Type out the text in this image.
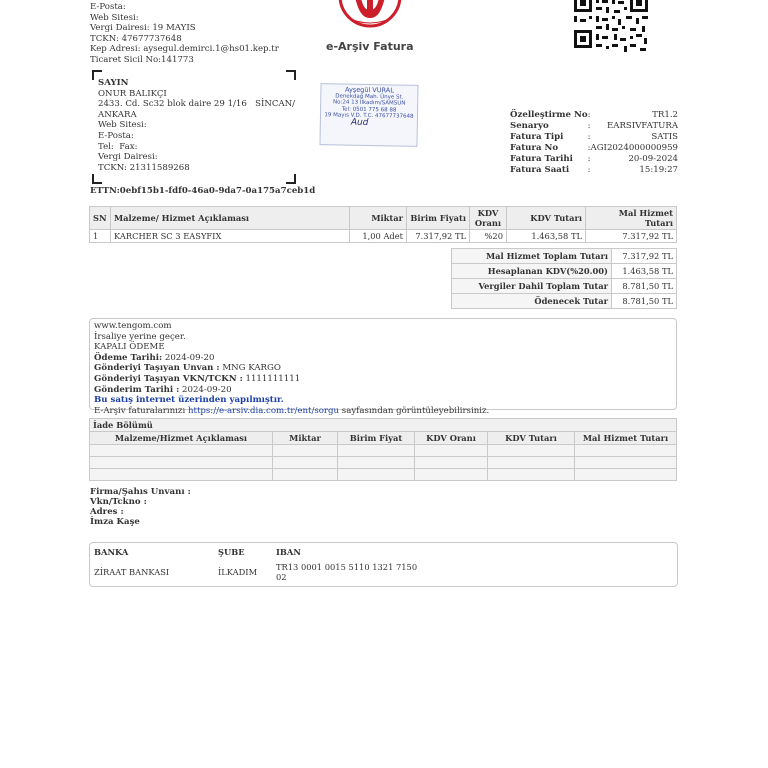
E-Posta:
Web Sitesi:
Vergi Dairesi: 19 MAYIS
TCKN: 47677737648
Kep Adresi: aysegul.demirci.1@hs01.kep.tr
Ticaret Sicil No:141773
e-Arşiv Fatura
SAYIN
ONUR BALIKÇI
2433. Cd. Sc32 blok daire 29 1/16   SİNCAN/
ANKARA
Web Sitesi:
E-Posta:
Tel:  Fax:
Vergi Dairesi:
TCKN: 21311589268
ETTN:0ebf15b1-fdf0-46a0-9da7-0a175a7ceb1d
Ayşegül VURAL
Denekdağ Mah. Ünye St.
No:24 13 İlkadım/SAMSUN
Tel: 0501 775 68 88
19 Mayıs V.D. T.C. 47677737648
Aud
Özelleştirme No	:	TR1.2
Senaryo	:	EARSIVFATURA
Fatura Tipi	:	SATIS
Fatura No	:	AGI2024000000959
Fatura Tarihi	:	20-09-2024
Fatura Saati	:	15:19:27
SN	Malzeme/ Hizmet Açıklaması	Miktar	Birim Fiyatı	KDV Oranı	KDV Tutarı	Mal Hizmet Tutarı
1	KARCHER SC 3 EASYFIX	1,00 Adet	7.317,92 TL	%20	1.463,58 TL	7.317,92 TL
Mal Hizmet Toplam Tutarı	7.317,92 TL
Hesaplanan KDV(%20.00)	1.463,58 TL
Vergiler Dahil Toplam Tutar	8.781,50 TL
Ödenecek Tutar	8.781,50 TL
www.tengom.com
İrsaliye yerine geçer.
KAPALI ÖDEME
Ödeme Tarihi: 2024-09-20
Gönderiyi Taşıyan Unvan : MNG KARGO
Gönderiyi Taşıyan VKN/TCKN : 1111111111
Gönderim Tarihi : 2024-09-20
Bu satış internet üzerinden yapılmıştır.
E-Arşiv faturalarınızı https://e-arsiv.dia.com.tr/ent/sorgu sayfasından görüntüleyebilirsiniz.
İade Bölümü					
Malzeme/Hizmet Açıklaması	Miktar	Birim Fiyat	KDV Oranı	KDV Tutarı	Mal Hizmet Tutarı

Firma/Şahıs Unvanı :
Vkn/Tckno :
Adres :
İmza Kaşe
BANKA	ŞUBE	IBAN
ZİRAAT BANKASI	İLKADIM TR13 0001 0015 5110 1321 7150
02
